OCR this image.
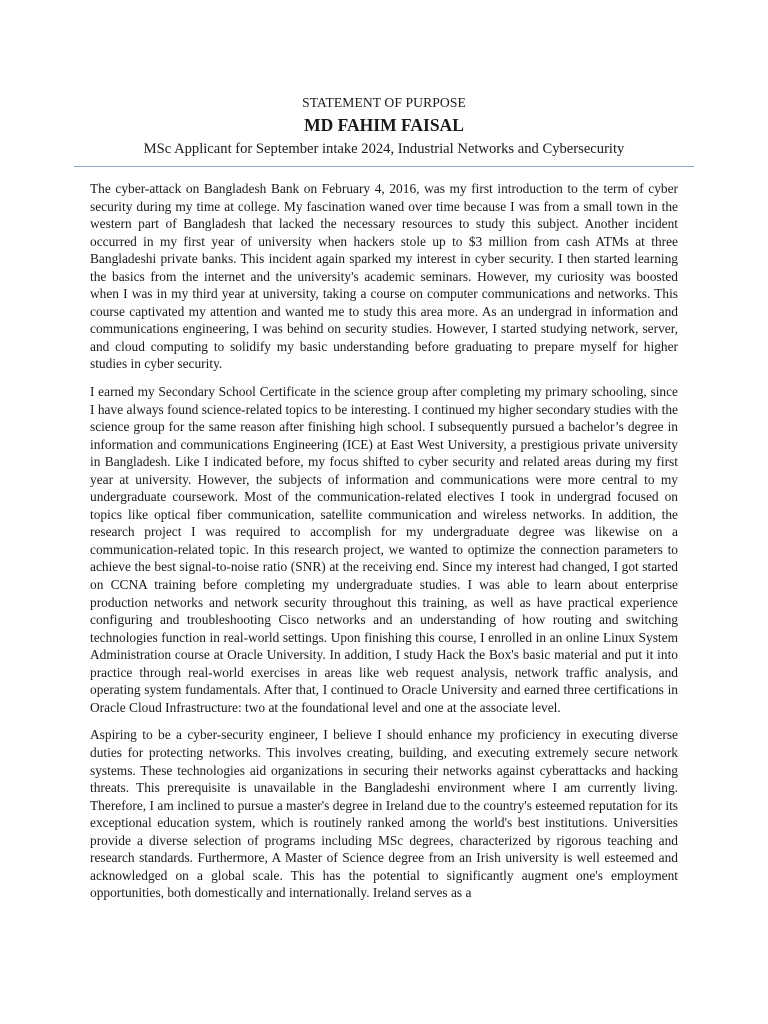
STATEMENT OF PURPOSE
MD FAHIM FAISAL
MSc Applicant for September intake 2024, Industrial Networks and Cybersecurity

The cyber-attack on Bangladesh Bank on February 4, 2016, was my first introduction to the term of cyber security during my time at college. My fascination waned over time because I was from a small town in the western part of Bangladesh that lacked the necessary resources to study this subject. Another incident occurred in my first year of university when hackers stole up to $3 million from cash ATMs at three Bangladeshi private banks. This incident again sparked my interest in cyber security. I then started learning the basics from the internet and the university's academic seminars. However, my curiosity was boosted when I was in my third year at university, taking a course on computer communications and networks. This course captivated my attention and wanted me to study this area more. As an undergrad in information and communications engineering, I was behind on security studies. However, I started studying network, server, and cloud computing to solidify my basic understanding before graduating to prepare myself for higher studies in cyber security.

I earned my Secondary School Certificate in the science group after completing my primary schooling, since I have always found science-related topics to be interesting. I continued my higher secondary studies with the science group for the same reason after finishing high school. I subsequently pursued a bachelor’s degree in information and communications Engineering (ICE) at East West University, a prestigious private university in Bangladesh. Like I indicated before, my focus shifted to cyber security and related areas during my first year at university. However, the subjects of information and communications were more central to my undergraduate coursework. Most of the communication-related electives I took in undergrad focused on topics like optical fiber communication, satellite communication and wireless networks. In addition, the research project I was required to accomplish for my undergraduate degree was likewise on a communication-related topic. In this research project, we wanted to optimize the connection parameters to achieve the best signal-to-noise ratio (SNR) at the receiving end. Since my interest had changed, I got started on CCNA training before completing my undergraduate studies. I was able to learn about enterprise production networks and network security throughout this training, as well as have practical experience configuring and troubleshooting Cisco networks and an understanding of how routing and switching technologies function in real-world settings. Upon finishing this course, I enrolled in an online Linux System Administration course at Oracle University. In addition, I study Hack the Box's basic material and put it into practice through real-world exercises in areas like web request analysis, network traffic analysis, and operating system fundamentals. After that, I continued to Oracle University and earned three certifications in Oracle Cloud Infrastructure: two at the foundational level and one at the associate level.

Aspiring to be a cyber-security engineer, I believe I should enhance my proficiency in executing diverse duties for protecting networks. This involves creating, building, and executing extremely secure network systems. These technologies aid organizations in securing their networks against cyberattacks and hacking threats. This prerequisite is unavailable in the Bangladeshi environment where I am currently living. Therefore, I am inclined to pursue a master's degree in Ireland due to the country's esteemed reputation for its exceptional education system, which is routinely ranked among the world's best institutions. Universities provide a diverse selection of programs including MSc degrees, characterized by rigorous teaching and research standards. Furthermore, A Master of Science degree from an Irish university is well esteemed and acknowledged on a global scale. This has the potential to significantly augment one's employment opportunities, both domestically and internationally. Ireland serves as a
